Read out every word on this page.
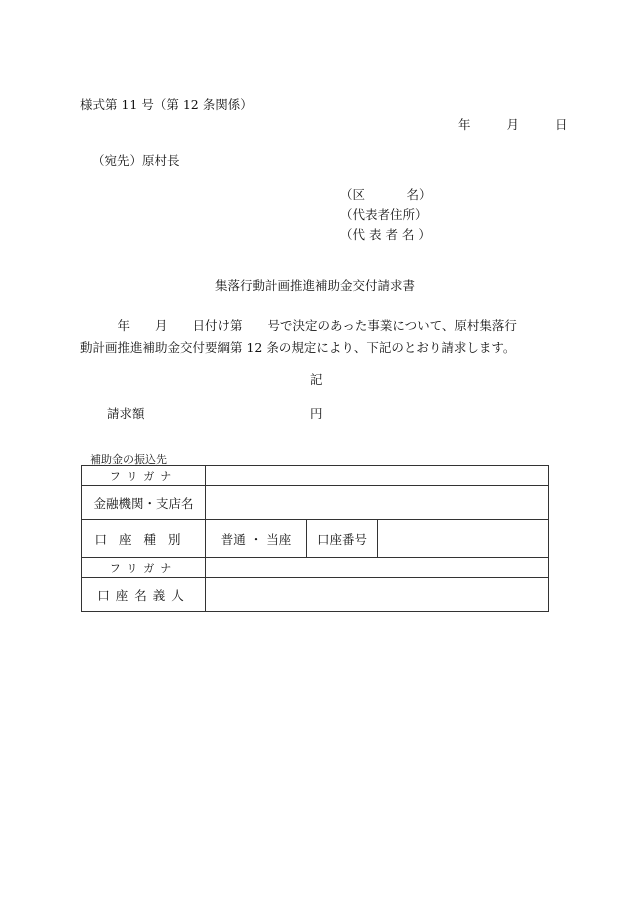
様式第 11 号（第 12 条関係）
年	月	日
（宛先）原村長
（区　　　 名）
（代表者住所）
（代 表 者 名 ）
集落行動計画推進補助金交付請求書
　　　年　　月　　日付け第　　号で決定のあった事業について、原村集落行
動計画推進補助金交付要綱第 12 条の規定により、下記のとおり請求します。
記
請求額	円
補助金の振込先
フリガナ			
金融機関・支店名			
口座種別	普通 ・ 当座	口座番号	
フリガナ			
口座名義人			
